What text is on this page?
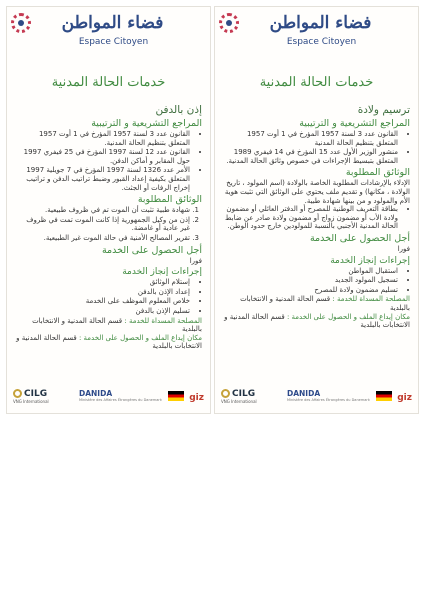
فضاء المواطن
Espace Citoyen
خدمات الحالة المدنية
إذن بالدفن
المراجع التشريعية و الترتيبية
• القانون عدد 3 لسنة 1957 المؤرخ في 1 أوت 1957 المتعلق بتنظيم الحالة المدنية.
• القانون عدد 12 لسنة 1997 المؤرخ في 25 فيفري 1997 حول المقابر و أماكن الدفن.
• الأمر عدد 1326 لسنة 1997 المؤرخ في 7 جويلية 1997 المتعلق بكيفية إعداد القبور وضبط تراتيب الدفن و تراتيب إخراج الرفات أو الجثث.
الوثائق المطلوبة
1. شهادة طبية تثبت أن الموت تم في ظروف طبيعية.
2. إذن من وكيل الجمهورية إذا كانت الموت تمت في ظروف غير عادية أو غامضة.
3. تقرير المصالح الأمنية في حالة الموت غير الطبيعية.
أجل الحصول على الخدمة

فورا

إجراءات إنجاز الخدمة
• إستلام الوثائق
• إعداد الإذن بالدفن
• خلاص المعلوم الموظف على الخدمة
• تسليم الإذن بالدفن

المصلحة المسداة للخدمة : قسم الحالة المدنية و الانتخابات بالبلدية

مكان إيداع الملف و الحصول على الخدمة : قسم الحالة المدنية و الانتخابات بالبلدية

CILG
VNG International
DANIDA
Ministère des Affaires Étrangères du Danemark	giz
فضاء المواطن
Espace Citoyen
خدمات الحالة المدنية
ترسيم ولادة
المراجع التشريعية و الترتيبية
• القانون عدد 3 لسنة 1957 المؤرخ في 1 أوت 1957 المتعلق بتنظيم الحالة المدنية
• منشور الوزير الأول عدد 15 المؤرخ في 14 فيفري 1989 المتعلق بتبسيط الإجراءات في خصوص وثائق الحالة المدنية.
الوثائق المطلوبة

الإدلاء بالإرشادات المطلوبة الخاصة بالولادة (اسم المولود ، تاريخ الولادة ، مكانها) و تقديم ملف يحتوي على الوثائق التي تثبت هوية الأم والمولود و من بينها شهادة طبية.

• بطاقة التعريف الوطنية للمصرح أو الدفتر العائلي أو مضمون ولادة الأب أو مضمون زواج أو مضمون ولادة صادر عن ضابط الحالة المدنية الأجنبي بالنسبة للمولودين خارج حدود الوطن.
أجل الحصول على الخدمة

فورا

إجراءات إنجاز الخدمة
• استقبال المواطن
• تسجيل المولود الجديد
• تسليم مضمون ولادة للمصرح

المصلحة المسداة للخدمة : قسم الحالة المدنية و الانتخابات بالبلدية

مكان إيداع الملف و الحصول على الخدمة : قسم الحالة المدنية و الانتخابات بالبلدية

CILG
VNG International
DANIDA
Ministère des Affaires Étrangères du Danemark	giz
